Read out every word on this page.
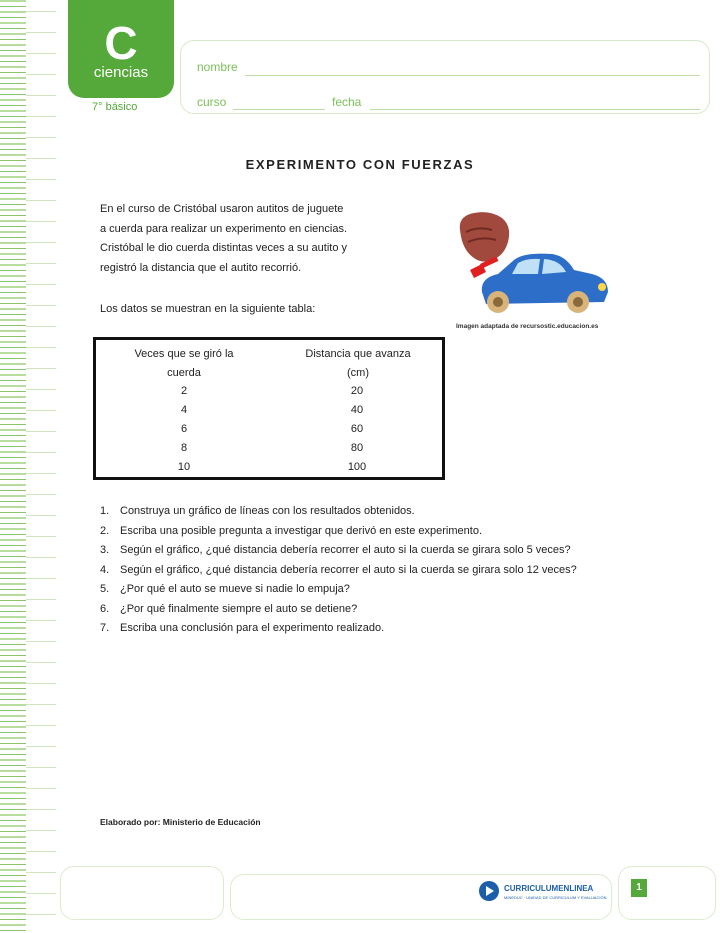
C
ciencias
7° básico
nombre
curso	fecha
EXPERIMENTO CON FUERZAS
En el curso de Cristóbal usaron autitos de juguete
a cuerda para realizar un experimento en ciencias.
Cristóbal le dio cuerda distintas veces a su autito y
registró la distancia que el autito recorrió.
Los datos se muestran en la siguiente tabla:
Imagen adaptada de recursostic.educacion.es
Veces que se giró la
cuerda
Distancia que avanza
(cm)
2	20
4	40
6	60
8	80
10	100
1. Construya un gráfico de líneas con los resultados obtenidos.
2. Escriba una posible pregunta a investigar que derivó en este experimento.
3. Según el gráfico, ¿qué distancia debería recorrer el auto si la cuerda se girara solo 5 veces?
4. Según el gráfico, ¿qué distancia debería recorrer el auto si la cuerda se girara solo 12 veces?
5. ¿Por qué el auto se mueve si nadie lo empuja?
6. ¿Por qué finalmente siempre el auto se detiene?
7. Escriba una conclusión para el experimento realizado.
Elaborado por: Ministerio de Educación
CURRICULUMENLINEA
MINEDUC · UNIDAD DE CURRICULUM Y EVALUACIÓN
1
